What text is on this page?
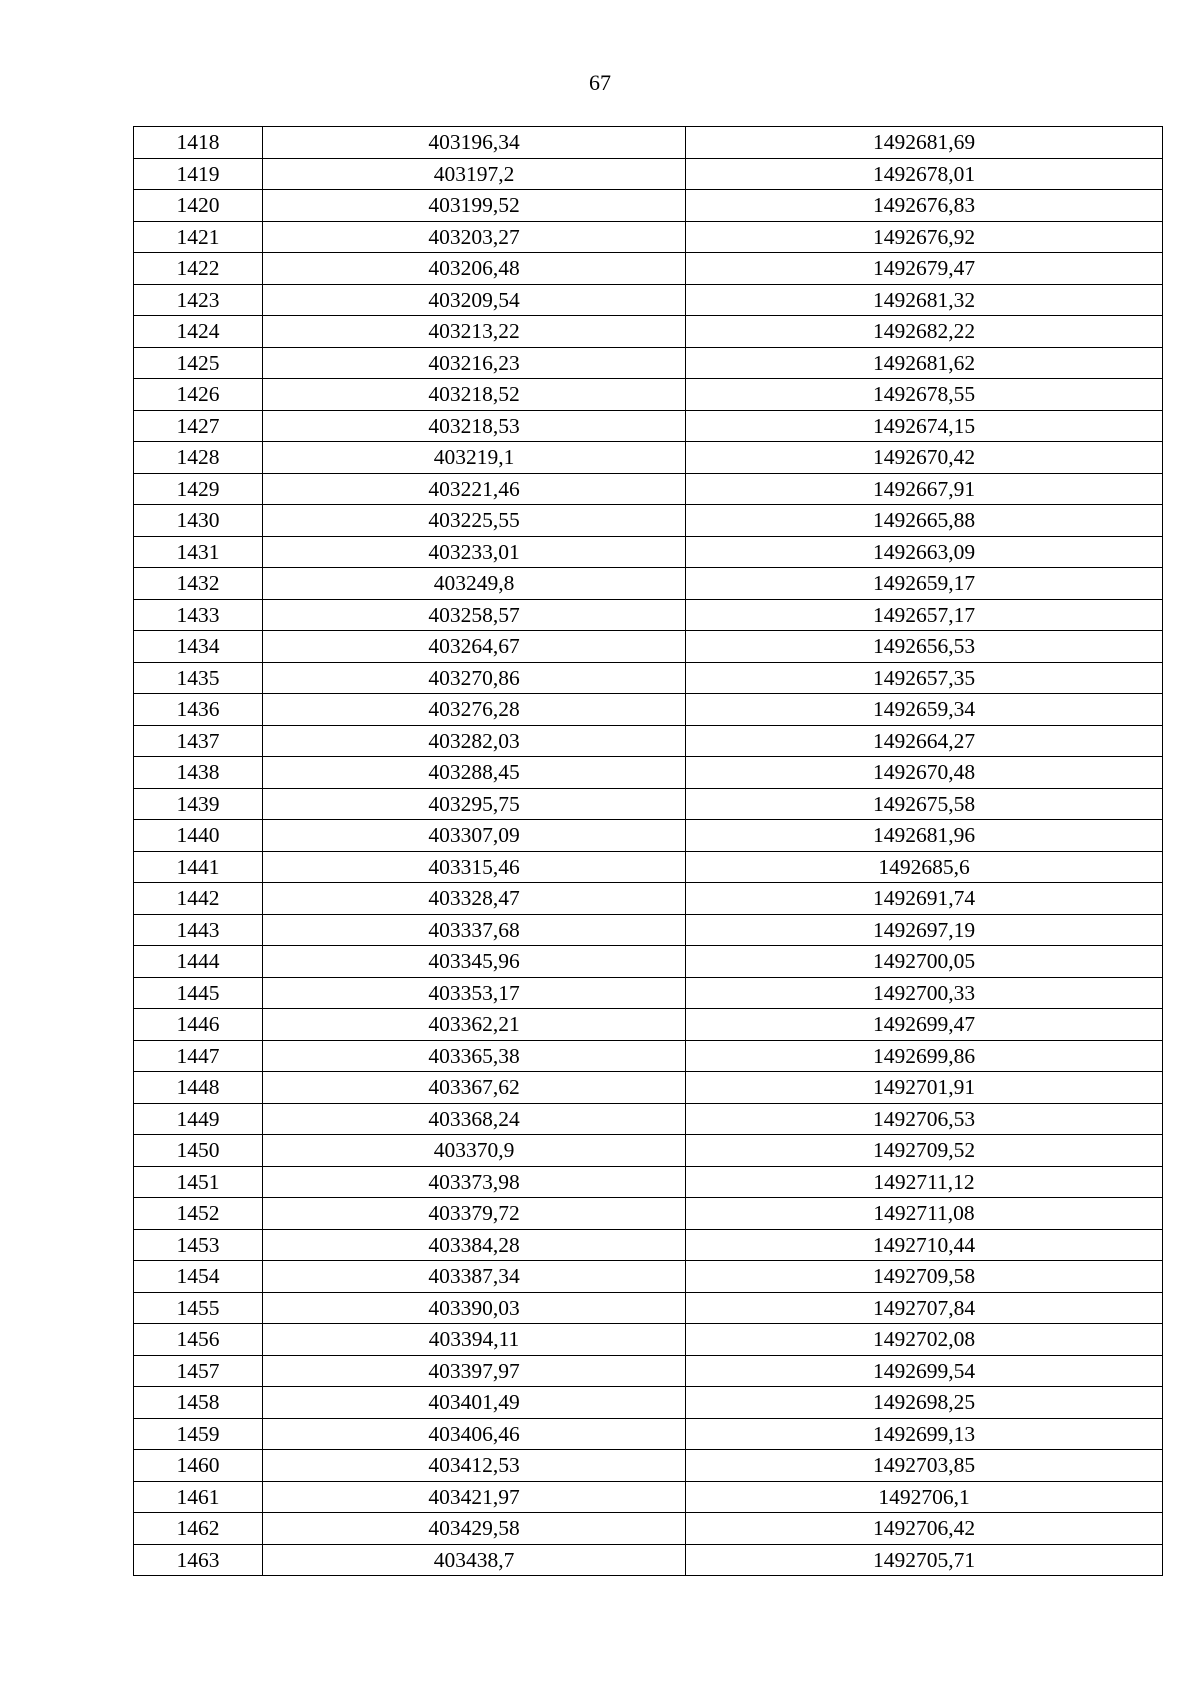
67
1418	403196,34	1492681,69
1419	403197,2	1492678,01
1420	403199,52	1492676,83
1421	403203,27	1492676,92
1422	403206,48	1492679,47
1423	403209,54	1492681,32
1424	403213,22	1492682,22
1425	403216,23	1492681,62
1426	403218,52	1492678,55
1427	403218,53	1492674,15
1428	403219,1	1492670,42
1429	403221,46	1492667,91
1430	403225,55	1492665,88
1431	403233,01	1492663,09
1432	403249,8	1492659,17
1433	403258,57	1492657,17
1434	403264,67	1492656,53
1435	403270,86	1492657,35
1436	403276,28	1492659,34
1437	403282,03	1492664,27
1438	403288,45	1492670,48
1439	403295,75	1492675,58
1440	403307,09	1492681,96
1441	403315,46	1492685,6
1442	403328,47	1492691,74
1443	403337,68	1492697,19
1444	403345,96	1492700,05
1445	403353,17	1492700,33
1446	403362,21	1492699,47
1447	403365,38	1492699,86
1448	403367,62	1492701,91
1449	403368,24	1492706,53
1450	403370,9	1492709,52
1451	403373,98	1492711,12
1452	403379,72	1492711,08
1453	403384,28	1492710,44
1454	403387,34	1492709,58
1455	403390,03	1492707,84
1456	403394,11	1492702,08
1457	403397,97	1492699,54
1458	403401,49	1492698,25
1459	403406,46	1492699,13
1460	403412,53	1492703,85
1461	403421,97	1492706,1
1462	403429,58	1492706,42
1463	403438,7	1492705,71
